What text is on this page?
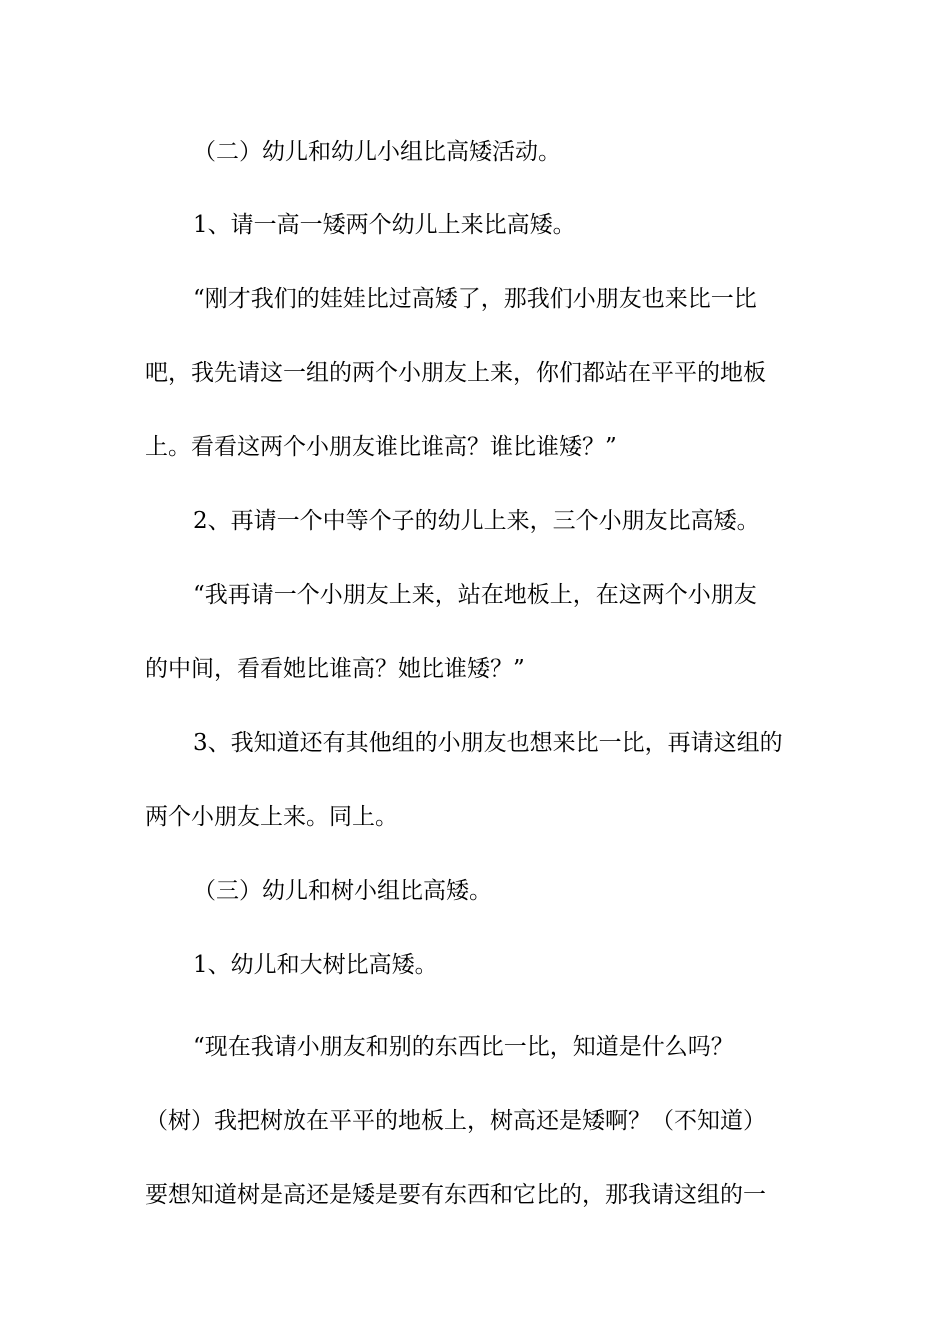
（二）幼儿和幼儿小组比高矮活动。
1、请一高一矮两个幼儿上来比高矮。
“刚才我们的娃娃比过高矮了，那我们小朋友也来比一比
吧，我先请这一组的两个小朋友上来，你们都站在平平的地板
上。看看这两个小朋友谁比谁高？谁比谁矮？”
2、再请一个中等个子的幼儿上来，三个小朋友比高矮。
“我再请一个小朋友上来，站在地板上，在这两个小朋友
的中间，看看她比谁高？她比谁矮？”
3、我知道还有其他组的小朋友也想来比一比，再请这组的
两个小朋友上来。同上。
（三）幼儿和树小组比高矮。
1、幼儿和大树比高矮。
“现在我请小朋友和别的东西比一比，知道是什么吗？
（树）我把树放在平平的地板上，树高还是矮啊？（不知道）
要想知道树是高还是矮是要有东西和它比的，那我请这组的一
